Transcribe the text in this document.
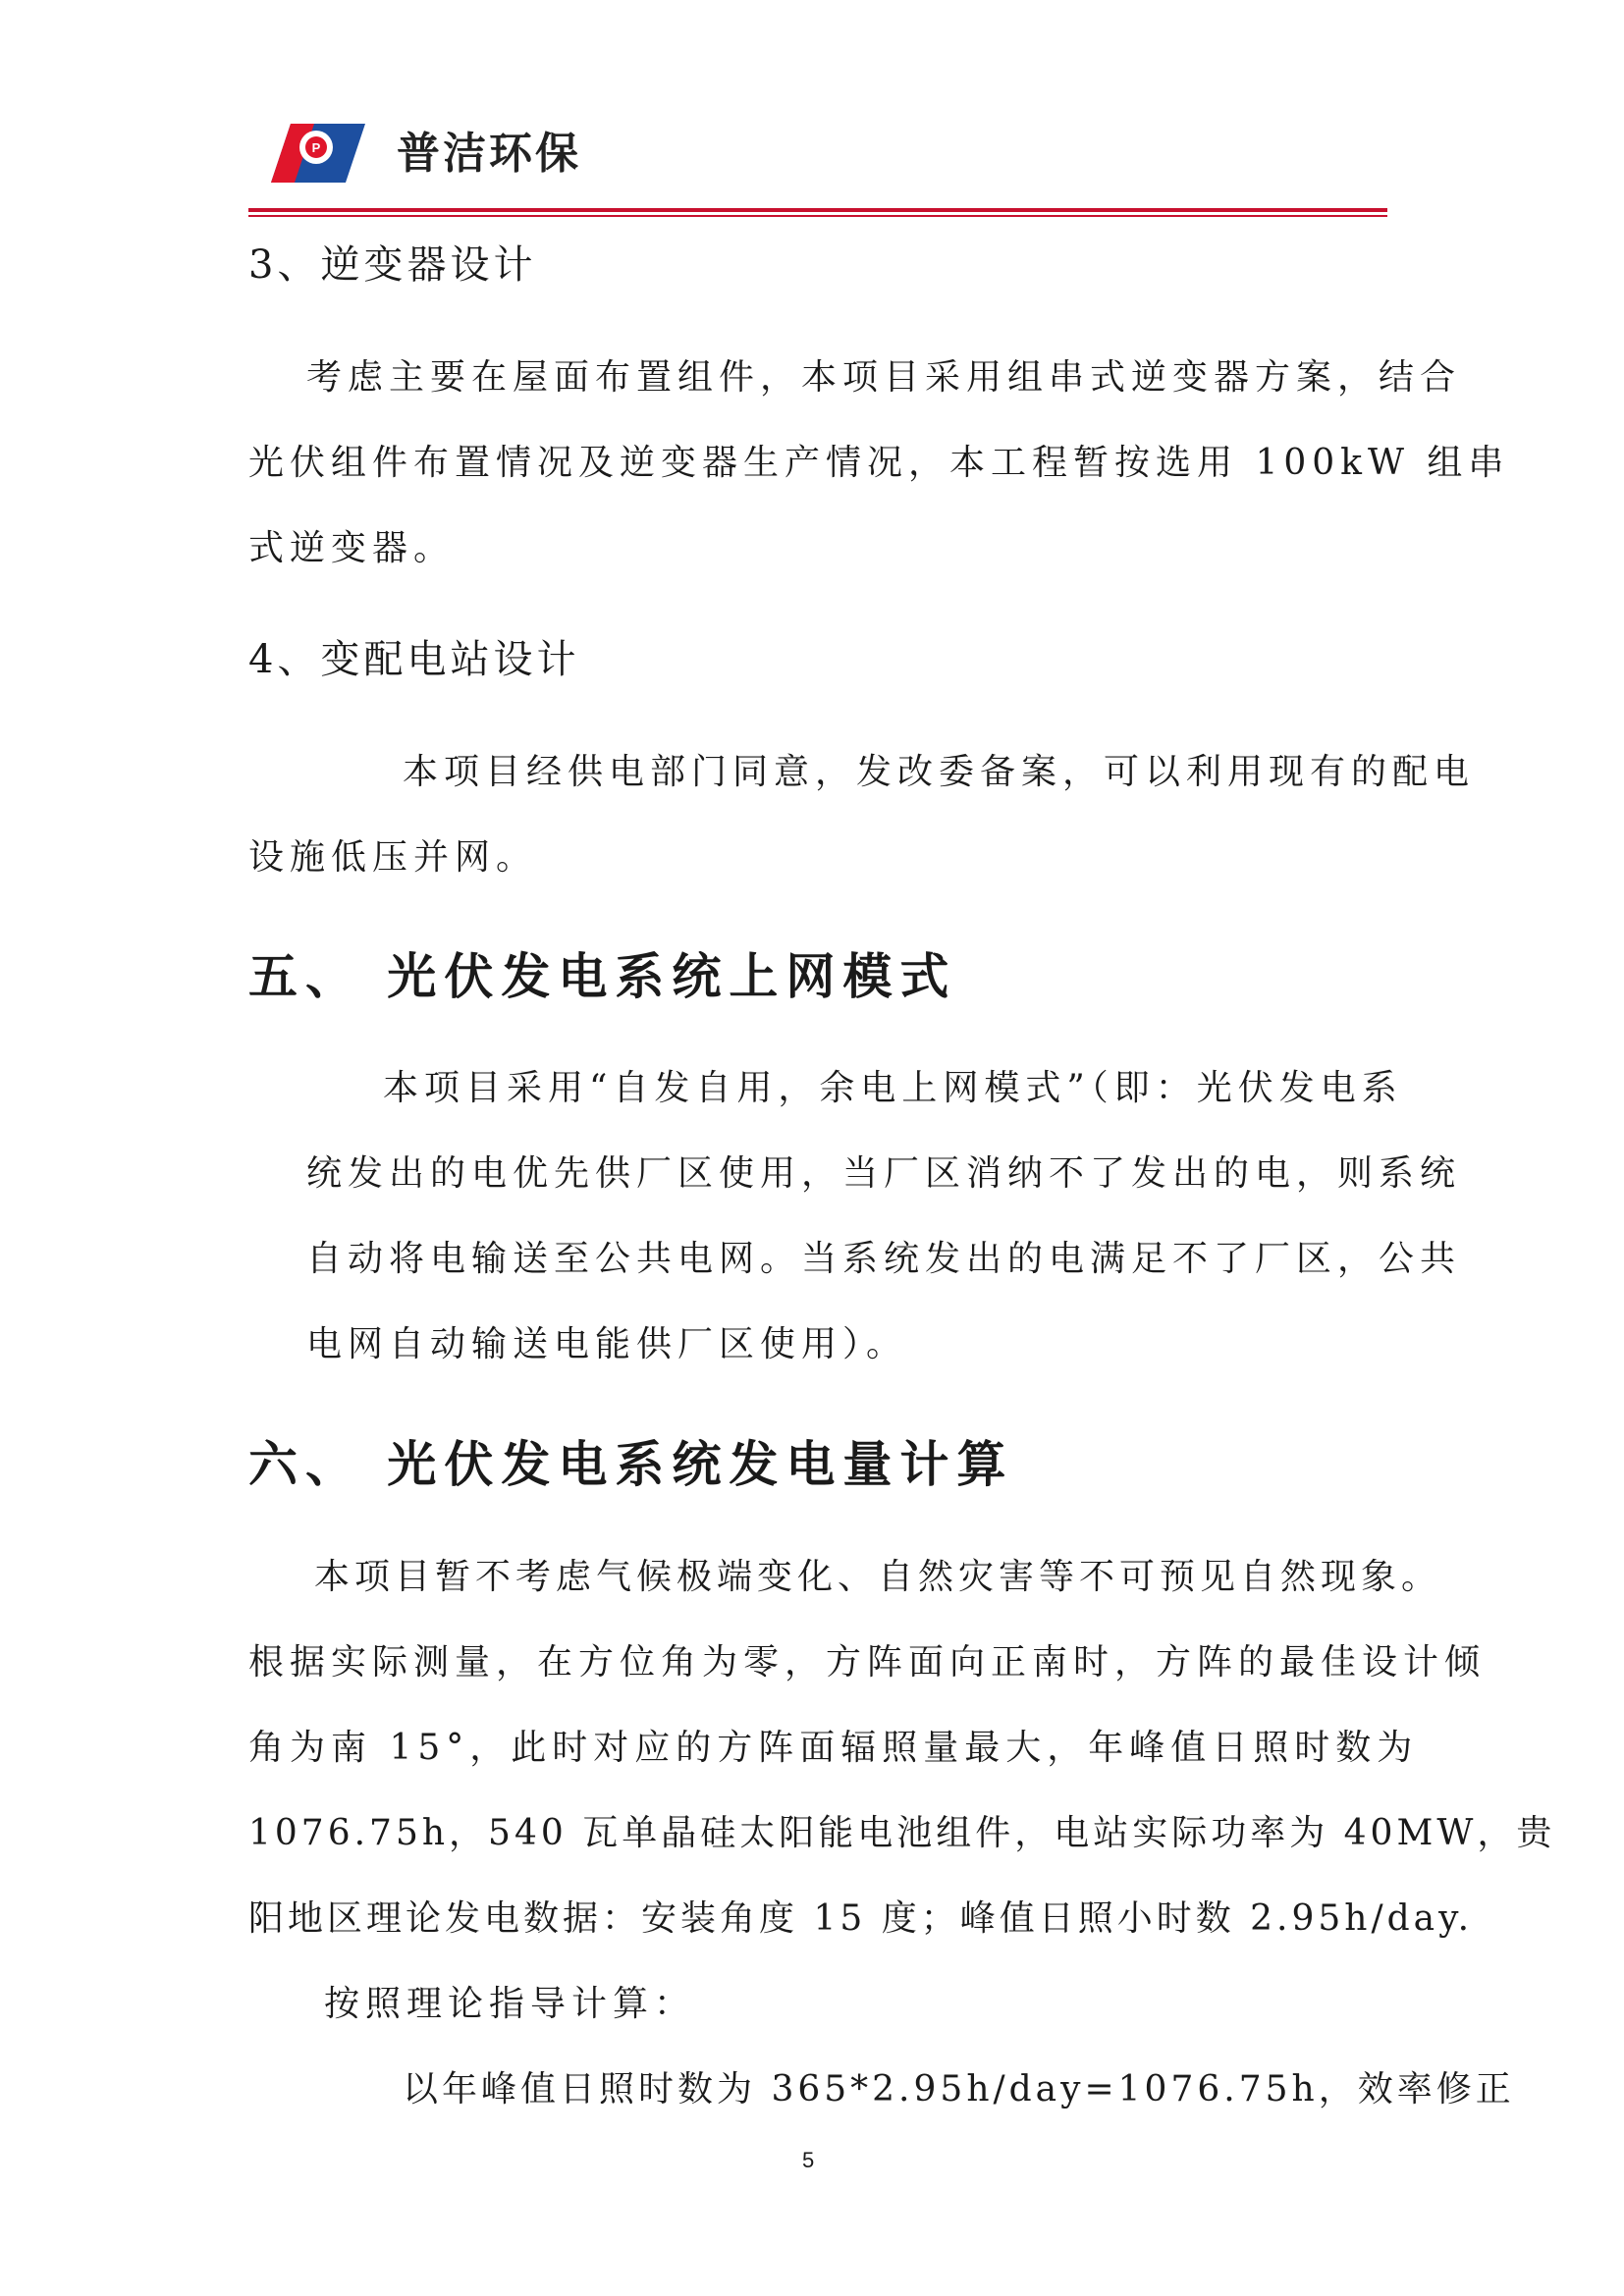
P 普洁环保
3、逆变器设计
考虑主要在屋面布置组件，本项目采用组串式逆变器方案，结合
光伏组件布置情况及逆变器生产情况，本工程暂按选用 100kW 组串
式逆变器。
4、变配电站设计
本项目经供电部门同意，发改委备案，可以利用现有的配电
设施低压并网。
五、 光伏发电系统上网模式
本项目采用“自发自用，余电上网模式”（即：光伏发电系
统发出的电优先供厂区使用，当厂区消纳不了发出的电，则系统
自动将电输送至公共电网。当系统发出的电满足不了厂区，公共
电网自动输送电能供厂区使用）。
六、 光伏发电系统发电量计算
本项目暂不考虑气候极端变化、自然灾害等不可预见自然现象。
根据实际测量，在方位角为零，方阵面向正南时，方阵的最佳设计倾
角为南 15°，此时对应的方阵面辐照量最大，年峰值日照时数为
1076.75h，540 瓦单晶硅太阳能电池组件，电站实际功率为 40MW，贵
阳地区理论发电数据：安装角度 15 度；峰值日照小时数 2.95h/day.
按照理论指导计算：
以年峰值日照时数为 365*2.95h/day=1076.75h，效率修正
5
